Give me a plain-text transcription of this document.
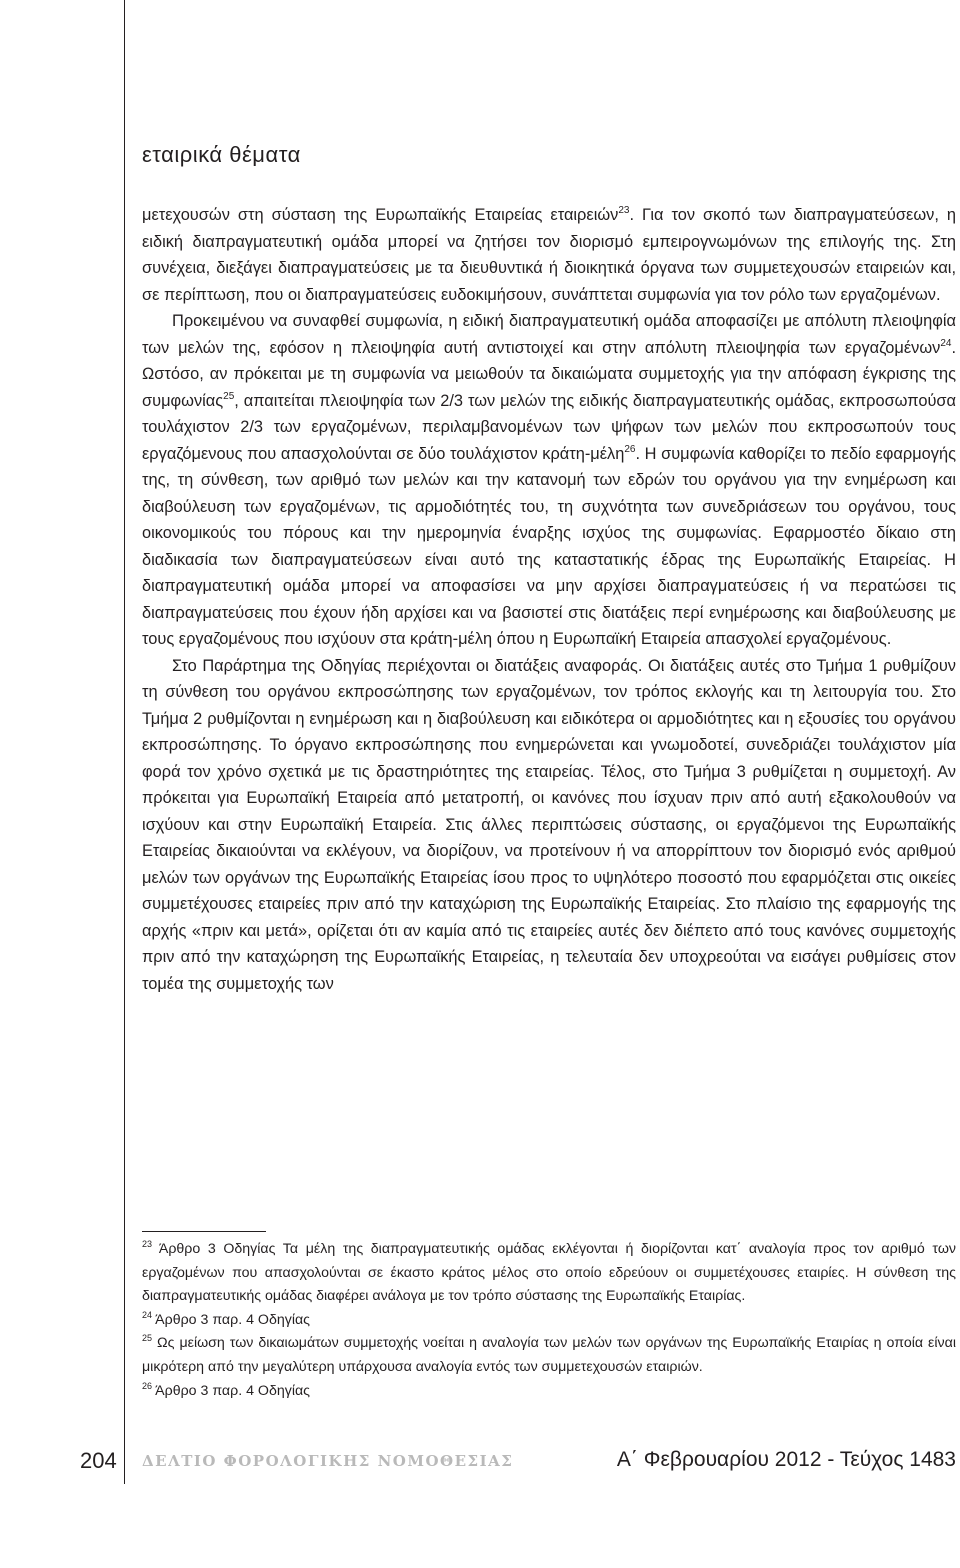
εταιρικά θέματα

μετεχουσών στη σύσταση της Ευρωπαϊκής Εταιρείας εταιρειών$^{23}$. Για τον σκοπό των διαπραγματεύσεων, η ειδική διαπραγματευτική ομάδα μπορεί να ζητήσει τον διορισμό εμπειρογνωμόνων της επιλογής της. Στη συνέχεια, διεξάγει διαπραγματεύσεις με τα διευθυντικά ή διοικητικά όργανα των συμμετεχουσών εταιρειών και, σε περίπτωση, που οι διαπραγματεύσεις ευδοκιμήσουν, συνάπτεται συμφωνία για τον ρόλο των εργαζομένων.

Προκειμένου να συναφθεί συμφωνία, η ειδική διαπραγματευτική ομάδα αποφασίζει με απόλυτη πλειοψηφία των μελών της, εφόσον η πλειοψηφία αυτή αντιστοιχεί και στην απόλυτη πλειοψηφία των εργαζομένων$^{24}$. Ωστόσο, αν πρόκειται με τη συμφωνία να μειωθούν τα δικαιώματα συμμετοχής για την απόφαση έγκρισης της συμφωνίας$^{25}$, απαιτείται πλειοψηφία των 2/3 των μελών της ειδικής διαπραγματευτικής ομάδας, εκπροσωπούσα τουλάχιστον 2/3 των εργαζομένων, περιλαμβανομένων των ψήφων των μελών που εκπροσωπούν τους εργαζόμενους που απασχολούνται σε δύο τουλάχιστον κράτη-μέλη$^{26}$. Η συμφωνία καθορίζει το πεδίο εφαρμογής της, τη σύνθεση, των αριθμό των μελών και την κατανομή των εδρών του οργάνου για την ενημέρωση και διαβούλευση των εργαζομένων, τις αρμοδιότητές του, τη συχνότητα των συνεδριάσεων του οργάνου, τους οικονομικούς του πόρους και την ημερομηνία έναρξης ισχύος της συμφωνίας. Εφαρμοστέο δίκαιο στη διαδικασία των διαπραγματεύσεων είναι αυτό της καταστατικής έδρας της Ευρωπαϊκής Εταιρείας. Η διαπραγματευτική ομάδα μπορεί να αποφασίσει να μην αρχίσει διαπραγματεύσεις ή να περατώσει τις διαπραγματεύσεις που έχουν ήδη αρχίσει και να βασιστεί στις διατάξεις περί ενημέρωσης και διαβούλευσης με τους εργαζομένους που ισχύουν στα κράτη-μέλη όπου η Ευρωπαϊκή Εταιρεία απασχολεί εργαζομένους.

Στο Παράρτημα της Οδηγίας περιέχονται οι διατάξεις αναφοράς. Οι διατάξεις αυτές στο Τμήμα 1 ρυθμίζουν τη σύνθεση του οργάνου εκπροσώπησης των εργαζομένων, τον τρόπος εκλογής και τη λειτουργία του. Στο Τμήμα 2 ρυθμίζονται η ενημέρωση και η διαβούλευση και ειδικότερα οι αρμοδιότητες και η εξουσίες του οργάνου εκπροσώπησης. Το όργανο εκπροσώπησης που ενημερώνεται και γνωμοδοτεί, συνεδριάζει τουλάχιστον μία φορά τον χρόνο σχετικά με τις δραστηριότητες της εταιρείας. Τέλος, στο Τμήμα 3 ρυθμίζεται η συμμετοχή. Αν πρόκειται για Ευρωπαϊκή Εταιρεία από μετατροπή, οι κανόνες που ίσχυαν πριν από αυτή εξακολουθούν να ισχύουν και στην Ευρωπαϊκή Εταιρεία. Στις άλλες περιπτώσεις σύστασης, οι εργαζόμενοι της Ευρωπαϊκής Εταιρείας δικαιούνται να εκλέγουν, να διορίζουν, να προτείνουν ή να απορρίπτουν τον διορισμό ενός αριθμού μελών των οργάνων της Ευρωπαϊκής Εταιρείας ίσου προς το υψηλότερο ποσοστό που εφαρμόζεται στις οικείες συμμετέχουσες εταιρείες πριν από την καταχώριση της Ευρωπαϊκής Εταιρείας. Στο πλαίσιο της εφαρμογής της αρχής «πριν και μετά», ορίζεται ότι αν καμία από τις εταιρείες αυτές δεν διέπετο από τους κανόνες συμμετοχής πριν από την καταχώρηση της Ευρωπαϊκής Εταιρείας, η τελευταία δεν υποχρεούται να εισάγει ρυθμίσεις στον τομέα της συμμετοχής των

$^{23}$ Άρθρο 3 Οδηγίας Τα μέλη της διαπραγματευτικής ομάδας εκλέγονται ή διορίζονται κατ΄ αναλογία προς τον αριθμό των εργαζομένων που απασχολούνται σε έκαστο κράτος μέλος στο οποίο εδρεύουν οι συμμετέχουσες εταιρίες. Η σύνθεση της διαπραγματευτικής ομάδας διαφέρει ανάλογα με τον τρόπο σύστασης της Ευρωπαϊκής Εταιρίας.

$^{24}$ Άρθρο 3 παρ. 4 Οδηγίας

$^{25}$ Ως μείωση των δικαιωμάτων συμμετοχής νοείται η αναλογία των μελών των οργάνων της Ευρωπαϊκής Εταιρίας η οποία είναι μικρότερη από την μεγαλύτερη υπάρχουσα αναλογία εντός των συμμετεχουσών εταιριών.

$^{26}$ Άρθρο 3 παρ. 4 Οδηγίας

204 ΔΕΛΤΙΟ ΦΟΡΟΛΟΓΙΚΗΣ ΝΟΜΟΘΕΣΙΑΣ	Α΄ Φεβρουαρίου 2012 - Τεύχος 1483
